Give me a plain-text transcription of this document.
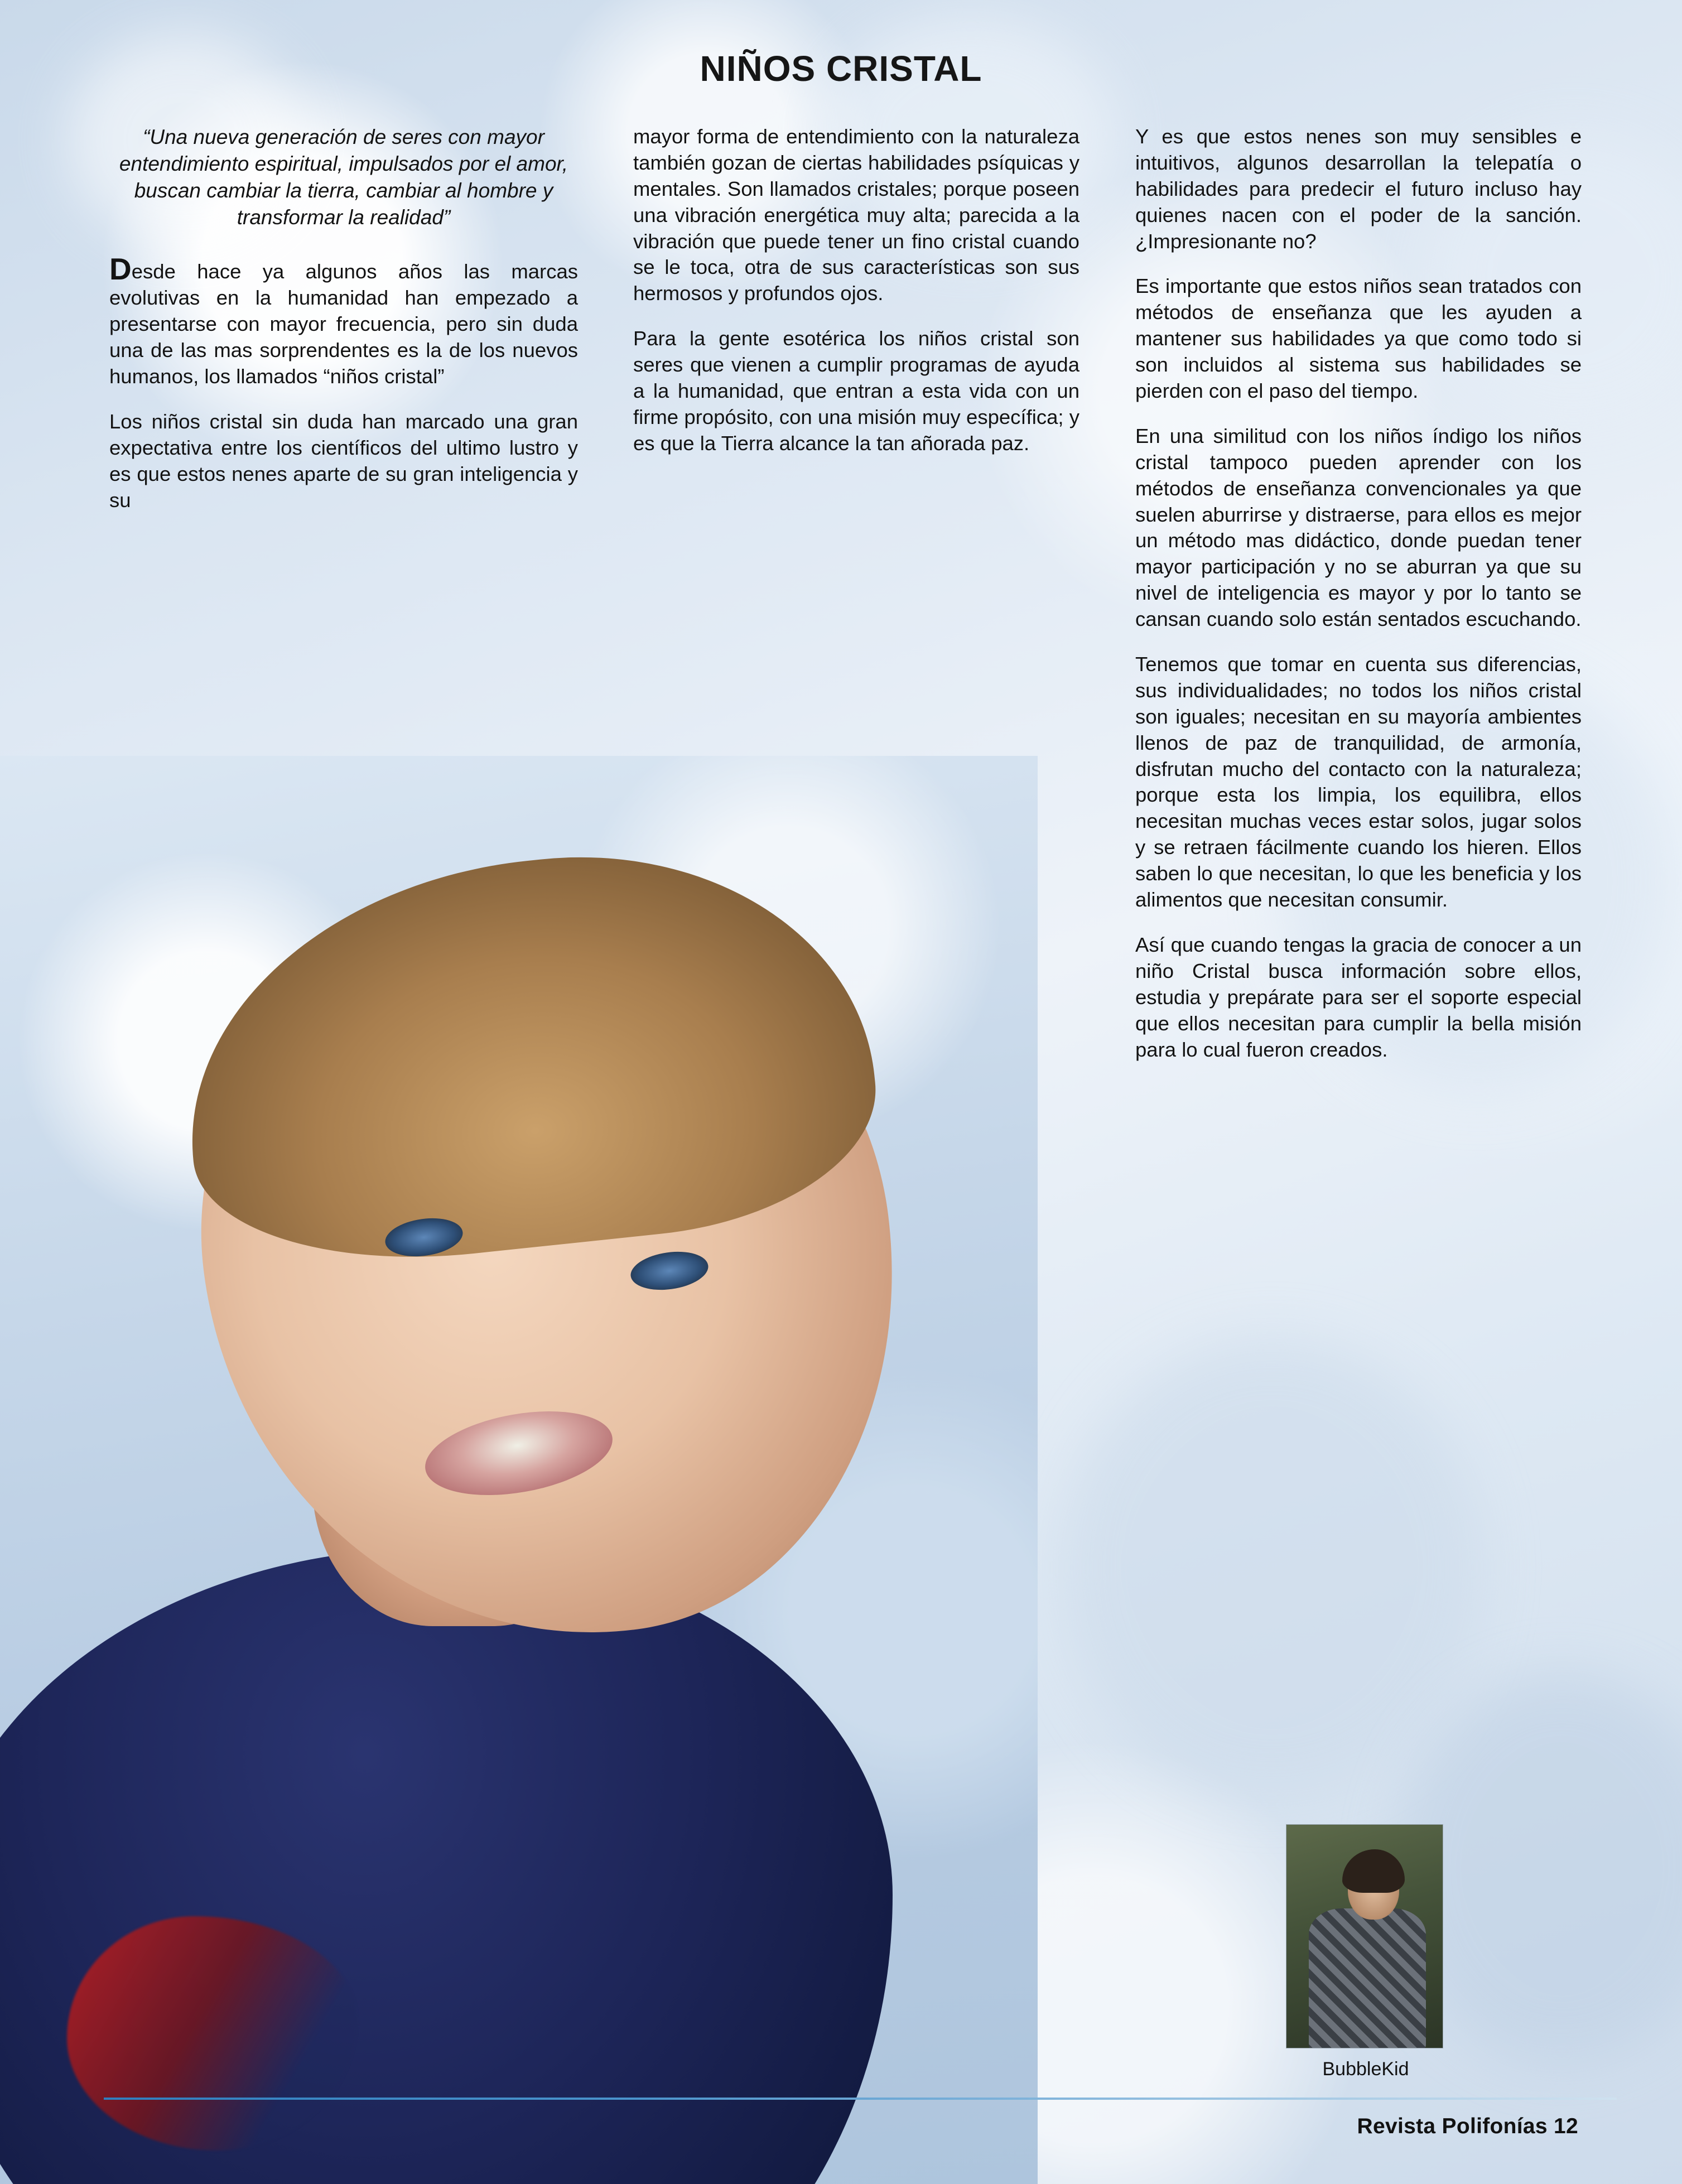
NIÑOS CRISTAL

“Una nueva generación de seres con mayor entendimiento espiritual, impulsados por el amor, buscan cambiar la tierra, cambiar al hombre y transformar la realidad”

Desde hace ya algunos años las marcas evolutivas en la humanidad han empezado a presentarse con mayor frecuencia, pero sin duda una de las mas sorprendentes es la de los nuevos humanos, los llamados “niños cristal”

Los niños cristal sin duda han marcado una gran expectativa entre los científicos del ultimo lustro y es que estos nenes aparte de su gran inteligencia y su

mayor forma de entendimiento con la naturaleza también gozan de ciertas habilidades psíquicas y mentales. Son llamados cristales; porque poseen una vibración energética muy alta; parecida a la vibración que puede tener un fino cristal cuando se le toca, otra de sus características son sus hermosos y profundos ojos.

Para la gente esotérica los niños cristal son seres que vienen a cumplir programas de ayuda a la humanidad, que entran a esta vida con un firme propósito, con una misión muy específica; y es que la Tierra alcance la tan añorada paz.

Y es que estos nenes son muy sensibles e intuitivos, algunos desarrollan la telepatía o habilidades para predecir el futuro incluso hay quienes nacen con el poder de la sanción. ¿Impresionante no?

Es importante que estos niños sean tratados con métodos de enseñanza que les ayuden a mantener sus habilidades ya que como todo si son incluidos al sistema sus habilidades se pierden con el paso del tiempo.

En una similitud con los niños índigo los niños cristal tampoco pueden aprender con los métodos de enseñanza convencionales ya que suelen aburrirse y distraerse, para ellos es mejor un método mas didáctico, donde puedan tener mayor participación y no se aburran ya que su nivel de inteligencia es mayor y por lo tanto se cansan cuando solo están sentados escuchando.

Tenemos que tomar en cuenta sus diferencias, sus individualidades; no todos los niños cristal son iguales; necesitan en su mayoría ambientes llenos de paz de tranquilidad, de armonía, disfrutan mucho del contacto con la naturaleza; porque esta los limpia, los equilibra, ellos necesitan muchas veces estar solos, jugar solos y se retraen fácilmente cuando los hieren. Ellos saben lo que necesitan, lo que les beneficia y los alimentos que necesitan consumir.

Así que cuando tengas la gracia de conocer a un niño Cristal busca información sobre ellos, estudia y prepárate para ser el soporte especial que ellos necesitan para cumplir la bella misión para lo cual fueron creados.

BubbleKid
Revista Polifonías 12
